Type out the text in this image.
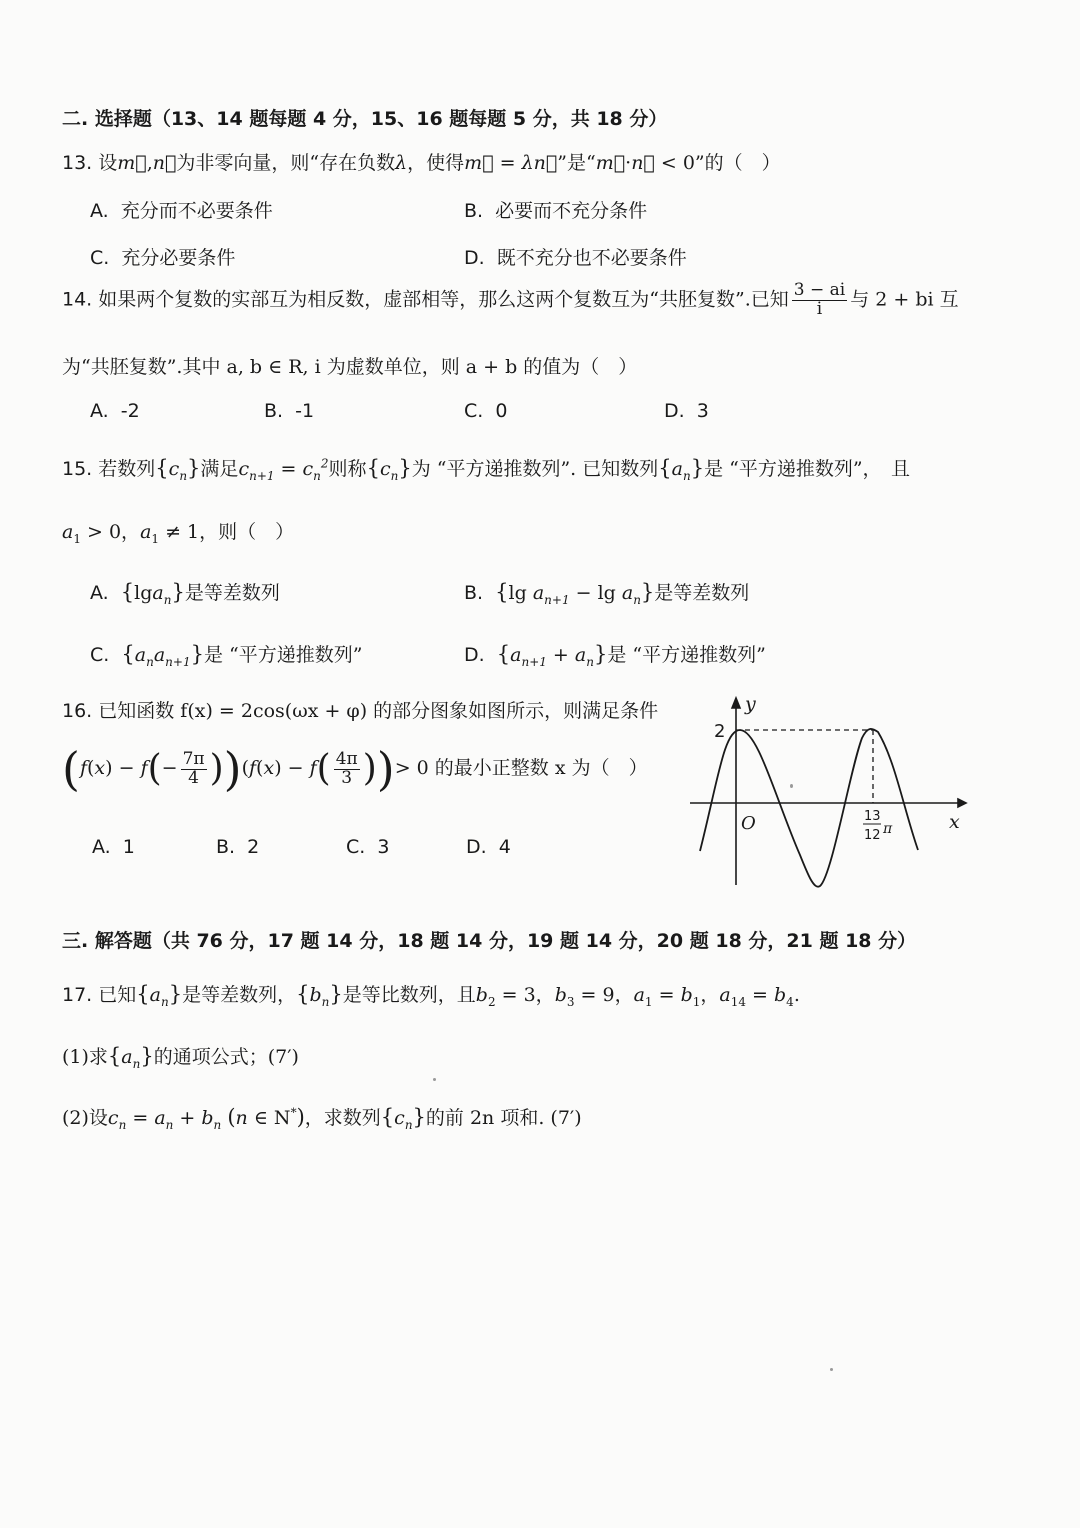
二. 选择题（13、14 题每题 4 分，15、16 题每题 5 分，共 18 分）
13. 设m⃗,n⃗为非零向量，则“存在负数λ，使得m⃗ = λn⃗”是“m⃗·n⃗ < 0”的（　）
A. 充分而不必要条件	B. 必要而不充分条件
C. 充分必要条件	D. 既不充分也不必要条件
14. 如果两个复数的实部互为相反数，虚部相等，那么这两个复数互为“共胚复数”.已知 $\frac{3 - ai}{i}$ 与 2 + bi 互
为“共胚复数”.其中 a, b ∈ R, i 为虚数单位，则 a + b 的值为（　）
A. -2	B. -1	C. 0	D. 3
15. 若数列$\{c_n\}$满足$c_{n+1} = c_n^2$则称$\{c_n\}$为 “平方递推数列”. 已知数列$\{a_n\}$是 “平方递推数列”，　且
$a_1 > 0$，$a_1 \ne 1$，则（　）
A. {lga$_n$}是等差数列	B. {lg $a_{n+1} - \lg a_n$}是等差数列
C. $\{a_na_{n+1}\}$是 “平方递推数列”	D. $\{a_{n+1} + a_n\}$是 “平方递推数列”
16. 已知函数 f(x) = 2cos(ωx + φ) 的部分图象如图所示，则满足条件
$(f(x) - f(- \frac{7\pi}{4} ))(f(x) - f( \frac{4\pi}{3}$ ))> 0 的最小正整数 x 为（　）
A. 1	B. 2	C. 3	D. 4
y
x
O
2
13
12 π
三. 解答题（共 76 分，17 题 14 分，18 题 14 分，19 题 14 分，20 题 18 分，21 题 18 分）
17. 已知$\{a_n\}$是等差数列，$\{b_n\}$是等比数列，且$b_2 = 3$，$b_3 = 9$，$a_1 = b_1$，$a_{14} = b_4$.
(1)求$\{a_n\}$的通项公式；(7′)
(2)设$c_n = a_n + b_n$ (n ∈ N*)，求数列$\{c_n\}$的前 2n 项和. (7′)
